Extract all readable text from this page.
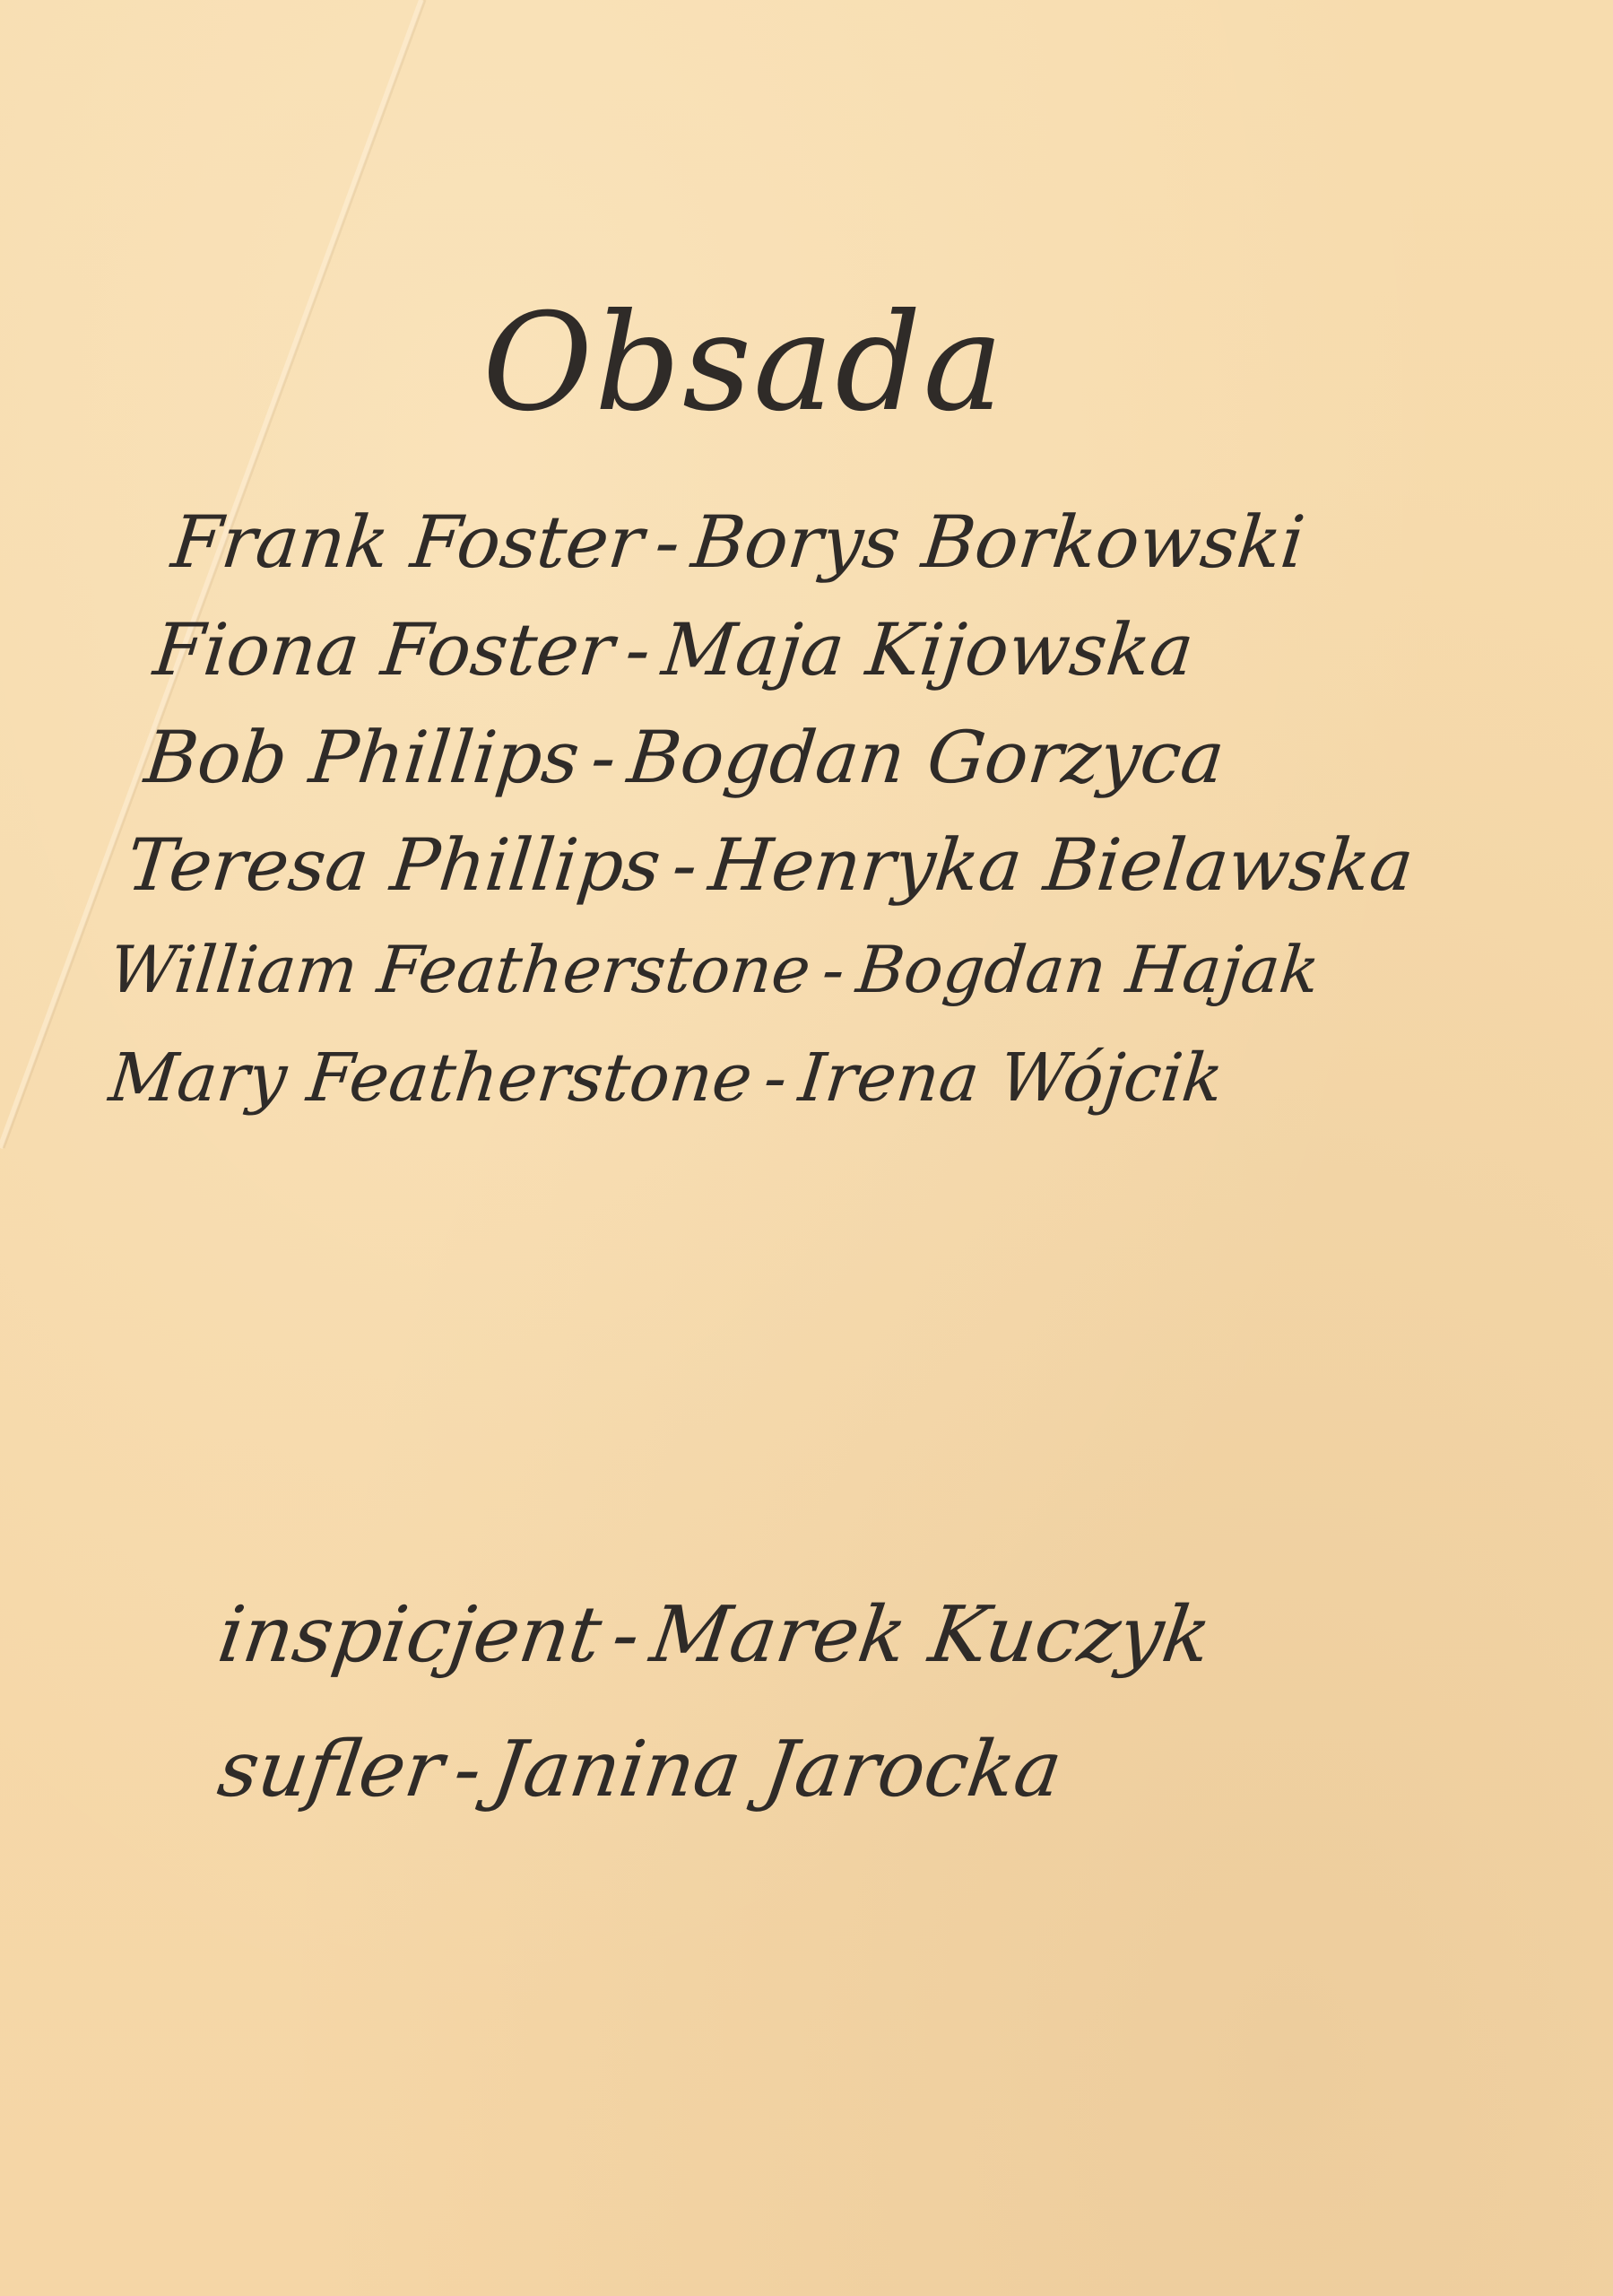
Obsada
Frank Foster-Borys Borkowski
Fiona Foster-Maja Kijowska
Bob Phillips-Bogdan Gorzyca
Teresa Phillips-Henryka Bielawska
William Featherstone-Bogdan Hajak
Mary Featherstone-Irena Wójcik
inspicjent-Marek Kuczyk
sufler-Janina Jarocka
